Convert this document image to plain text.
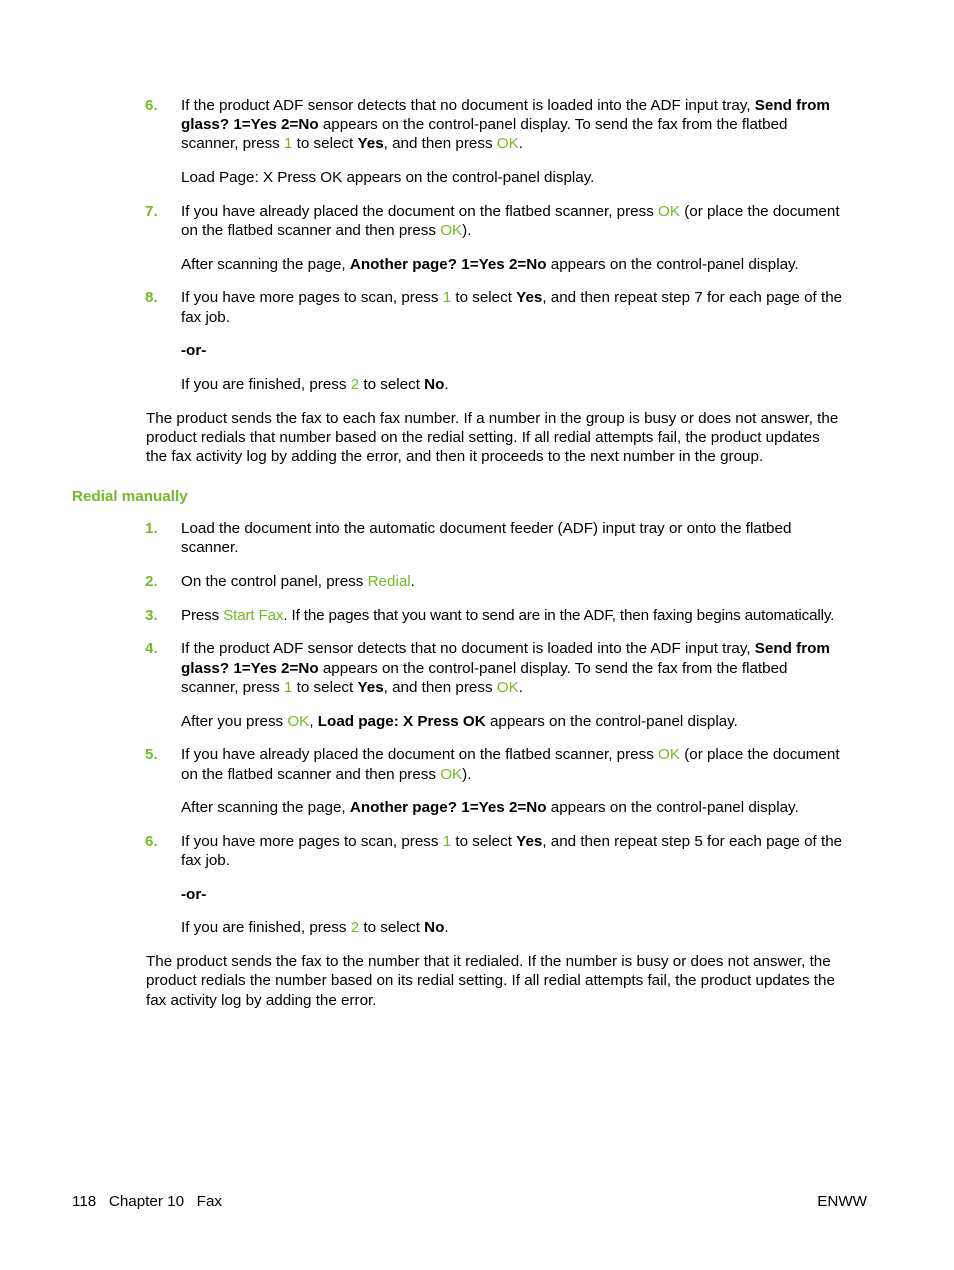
6. If the product ADF sensor detects that no document is loaded into the ADF input tray, Send from
glass? 1=Yes 2=No appears on the control-panel display. To send the fax from the flatbed
scanner, press 1 to select Yes, and then press OK.
Load Page: X Press OK appears on the control-panel display.
7. If you have already placed the document on the flatbed scanner, press OK (or place the document
on the flatbed scanner and then press OK).
After scanning the page, Another page? 1=Yes 2=No appears on the control-panel display.
8. If you have more pages to scan, press 1 to select Yes, and then repeat step 7 for each page of the
fax job.
-or-
If you are finished, press 2 to select No.
The product sends the fax to each fax number. If a number in the group is busy or does not answer, the
product redials that number based on the redial setting. If all redial attempts fail, the product updates
the fax activity log by adding the error, and then it proceeds to the next number in the group.
Redial manually
1. Load the document into the automatic document feeder (ADF) input tray or onto the flatbed
scanner.
2. On the control panel, press Redial.
3. Press Start Fax. If the pages that you want to send are in the ADF, then faxing begins automatically.
4. If the product ADF sensor detects that no document is loaded into the ADF input tray, Send from
glass? 1=Yes 2=No appears on the control-panel display. To send the fax from the flatbed
scanner, press 1 to select Yes, and then press OK.
After you press OK, Load page: X Press OK appears on the control-panel display.
5. If you have already placed the document on the flatbed scanner, press OK (or place the document
on the flatbed scanner and then press OK).
After scanning the page, Another page? 1=Yes 2=No appears on the control-panel display.
6. If you have more pages to scan, press 1 to select Yes, and then repeat step 5 for each page of the
fax job.
-or-
If you are finished, press 2 to select No.
The product sends the fax to the number that it redialed. If the number is busy or does not answer, the
product redials the number based on its redial setting. If all redial attempts fail, the product updates the
fax activity log by adding the error.
118   Chapter 10   Fax	ENWW
